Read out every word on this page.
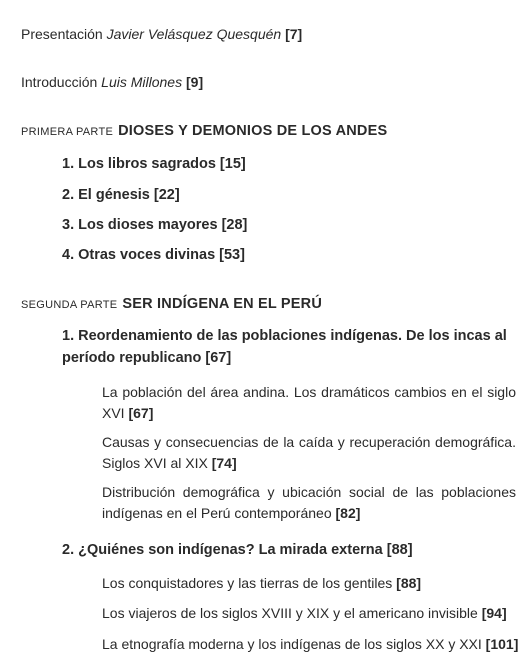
Presentación Javier Velásquez Quesquén [7]
Introducción Luis Millones [9]
PRIMERA PARTE DIOSES Y DEMONIOS DE LOS ANDES
1. Los libros sagrados [15]
2. El génesis [22]
3. Los dioses mayores [28]
4. Otras voces divinas [53]
SEGUNDA PARTE SER INDÍGENA EN EL PERÚ
1. Reordenamiento de las poblaciones indígenas. De los incas al período republicano [67]
La población del área andina. Los dramáticos cambios en el siglo XVI [67]
Causas y consecuencias de la caída y recuperación demográfica. Siglos XVI al XIX [74]
Distribución demográfica y ubicación social de las poblaciones indígenas en el Perú contemporáneo [82]
2. ¿Quiénes son indígenas? La mirada externa [88]
Los conquistadores y las tierras de los gentiles [88]
Los viajeros de los siglos XVIII y XIX y el americano invisible [94]
La etnografía moderna y los indígenas de los siglos XX y XXI [101]
